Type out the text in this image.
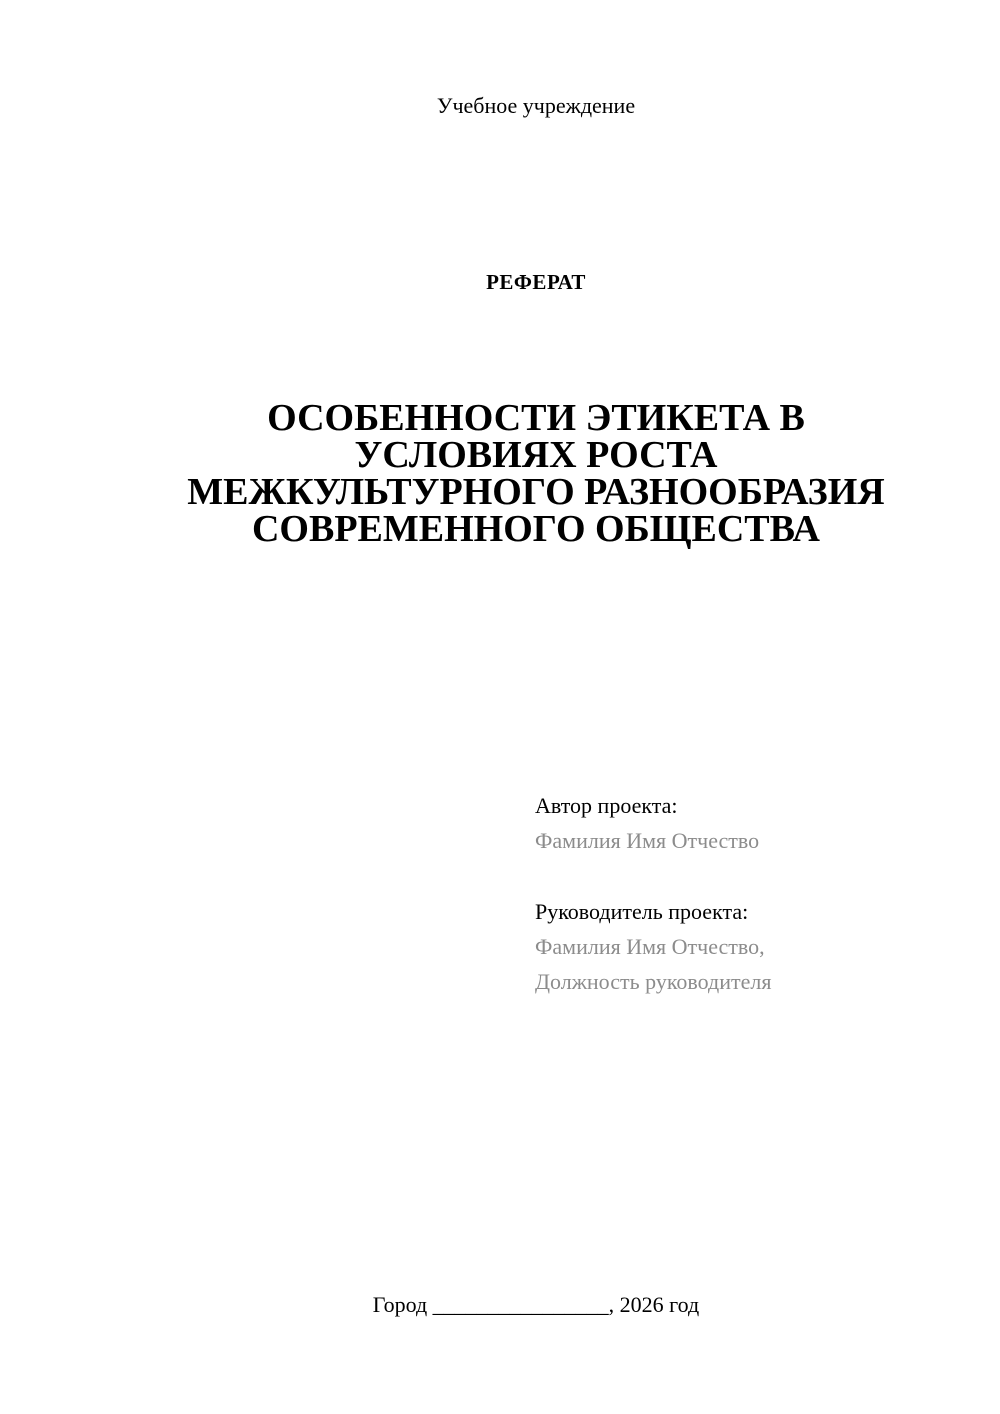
Учебное учреждение
РЕФЕРАТ
ОСОБЕННОСТИ ЭТИКЕТА В
УСЛОВИЯХ РОСТА
МЕЖКУЛЬТУРНОГО РАЗНООБРАЗИЯ
СОВРЕМЕННОГО ОБЩЕСТВА
Автор проекта:
Фамилия Имя Отчество
Руководитель проекта:
Фамилия Имя Отчество,
Должность руководителя
Город ________________, 2026 год
